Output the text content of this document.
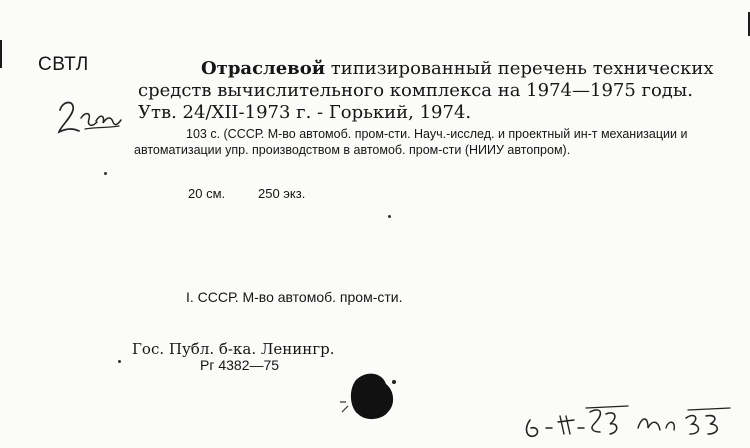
СВТЛ	Отраслевой типизированный перечень технических средств вычислительного комплекса на 1974—1975 годы. Утв. 24/XII-1973 г. - Горький, 1974.

103 с. (СССР. М-во автомоб. пром-сти. Науч.-исслед. и проектный ин-т механизации и автоматизации упр. производством в автомоб. пром-сти (НИИУ автопром).

20 см.	250 экз.
I. СССР. М-во автомоб. пром-сти.
Гос. Публ. б-ка. Ленингр.
Рг 4382—75
